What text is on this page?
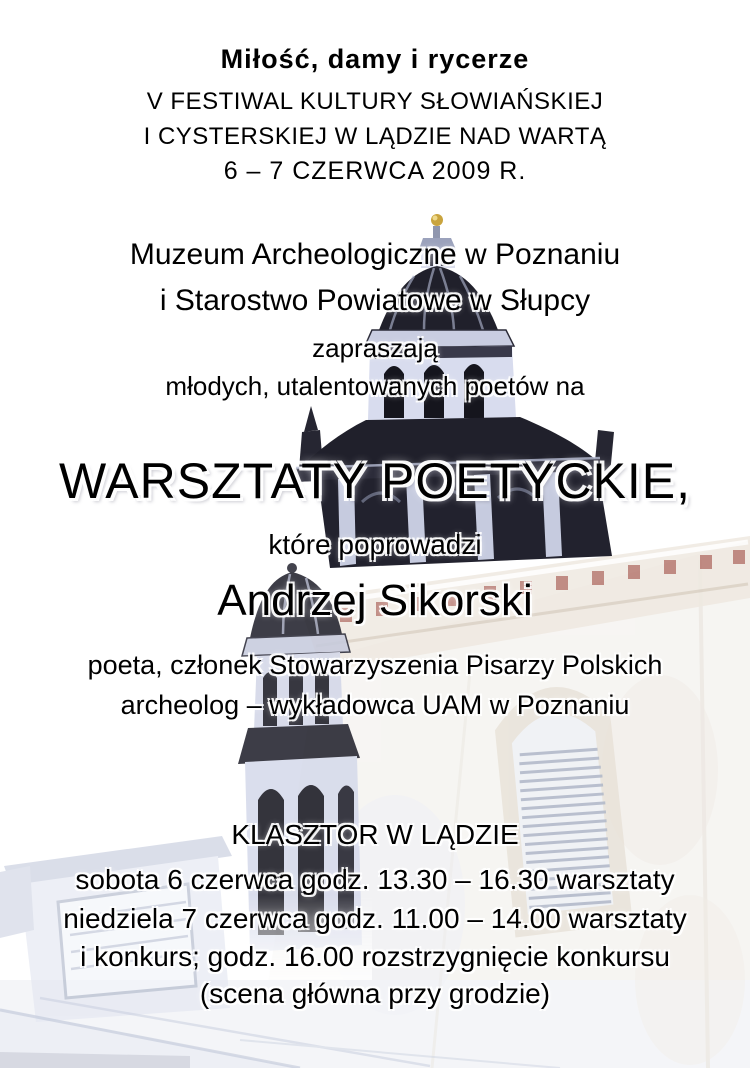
Miłość, damy i rycerze
V FESTIWAL KULTURY SŁOWIAŃSKIEJ
I CYSTERSKIEJ W LĄDZIE NAD WARTĄ
6 – 7 CZERWCA 2009 R.
Muzeum Archeologiczne w Poznaniu
i Starostwo Powiatowe w Słupcy
zapraszają
młodych, utalentowanych poetów na
WARSZTATY POETYCKIE,
które poprowadzi
Andrzej Sikorski
poeta, członek Stowarzyszenia Pisarzy Polskich
archeolog – wykładowca UAM w Poznaniu
KLASZTOR W LĄDZIE
sobota 6 czerwca godz. 13.30 – 16.30 warsztaty
niedziela 7 czerwca godz. 11.00 – 14.00 warsztaty
i konkurs; godz. 16.00 rozstrzygnięcie konkursu
(scena główna przy grodzie)
